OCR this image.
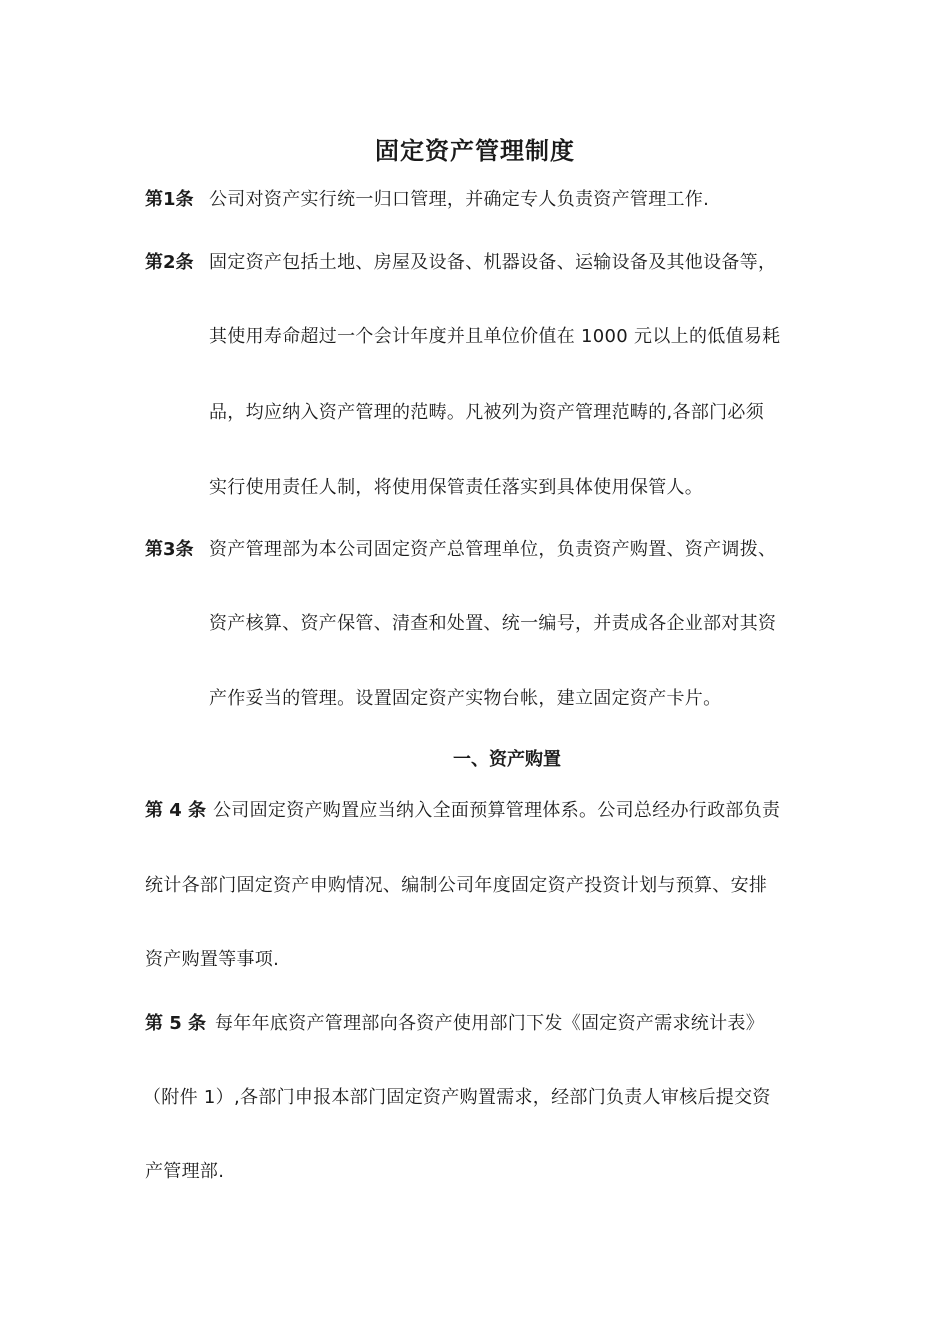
固定资产管理制度
第1条 公司对资产实行统一归口管理，并确定专人负责资产管理工作.
第2条 固定资产包括土地、房屋及设备、机器设备、运输设备及其他设备等，
其使用寿命超过一个会计年度并且单位价值在 1000 元以上的低值易耗
品，均应纳入资产管理的范畴。凡被列为资产管理范畴的,各部门必须
实行使用责任人制，将使用保管责任落实到具体使用保管人。
第3条 资产管理部为本公司固定资产总管理单位，负责资产购置、资产调拨、
资产核算、资产保管、清查和处置、统一编号，并责成各企业部对其资
产作妥当的管理。设置固定资产实物台帐，建立固定资产卡片。
一、资产购置
第 4 条 公司固定资产购置应当纳入全面预算管理体系。公司总经办行政部负责
统计各部门固定资产申购情况、编制公司年度固定资产投资计划与预算、安排
资产购置等事项.
第 5 条 每年年底资产管理部向各资产使用部门下发《固定资产需求统计表》
（附件 1）,各部门申报本部门固定资产购置需求，经部门负责人审核后提交资
产管理部.
